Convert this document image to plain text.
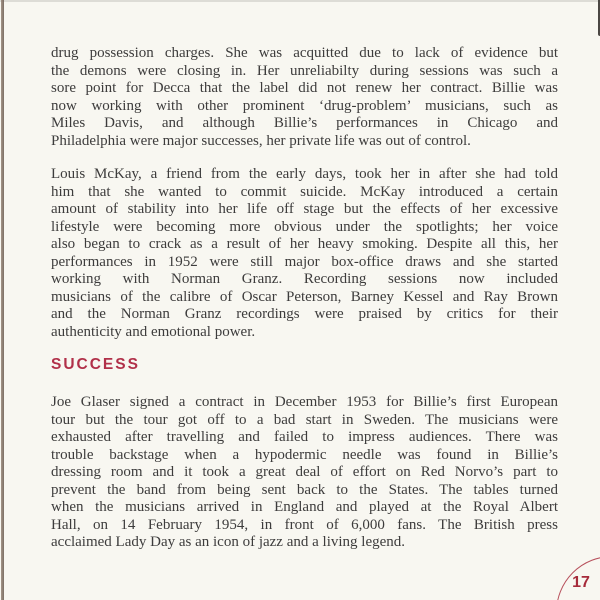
drug possession charges. She was acquitted due to lack of evidence but
the demons were closing in. Her unreliabilty during sessions was such a
sore point for Decca that the label did not renew her contract. Billie was
now working with other prominent ‘drug-problem’ musicians, such as
Miles Davis, and although Billie’s performances in Chicago and
Philadelphia were major successes, her private life was out of control.
Louis McKay, a friend from the early days, took her in after she had told
him that she wanted to commit suicide. McKay introduced a certain
amount of stability into her life off stage but the effects of her excessive
lifestyle were becoming more obvious under the spotlights; her voice
also began to crack as a result of her heavy smoking. Despite all this, her
performances in 1952 were still major box-office draws and she started
working with Norman Granz. Recording sessions now included
musicians of the calibre of Oscar Peterson, Barney Kessel and Ray Brown
and the Norman Granz recordings were praised by critics for their
authenticity and emotional power.
SUCCESS
Joe Glaser signed a contract in December 1953 for Billie’s first European
tour but the tour got off to a bad start in Sweden. The musicians were
exhausted after travelling and failed to impress audiences. There was
trouble backstage when a hypodermic needle was found in Billie’s
dressing room and it took a great deal of effort on Red Norvo’s part to
prevent the band from being sent back to the States. The tables turned
when the musicians arrived in England and played at the Royal Albert
Hall, on 14 February 1954, in front of 6,000 fans. The British press
acclaimed Lady Day as an icon of jazz and a living legend.
17
